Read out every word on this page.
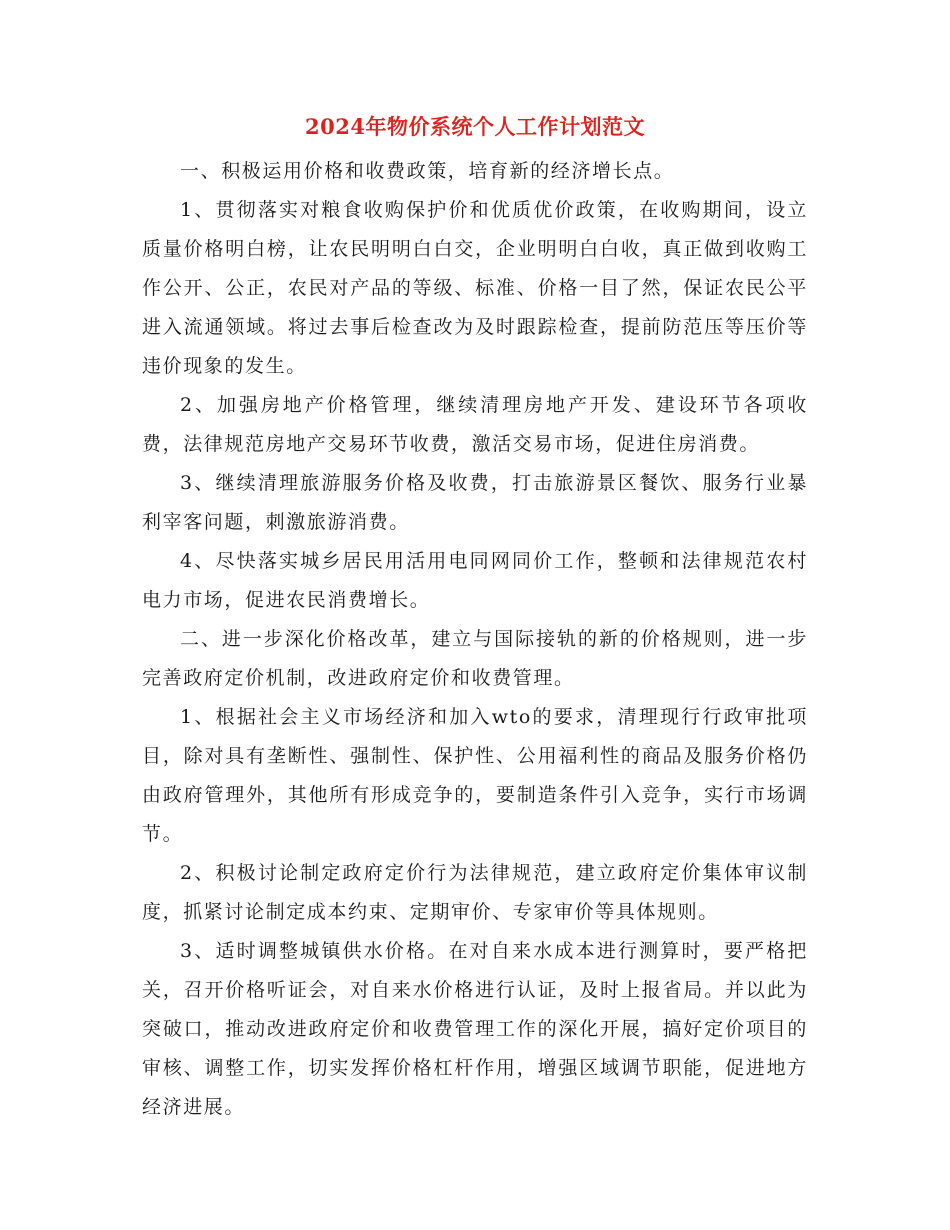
2024年物价系统个人工作计划范文

一、积极运用价格和收费政策，培育新的经济增长点。

1、贯彻落实对粮食收购保护价和优质优价政策，在收购期间，设立质量价格明白榜，让农民明明白白交，企业明明白白收，真正做到收购工作公开、公正，农民对产品的等级、标准、价格一目了然，保证农民公平进入流通领域。将过去事后检查改为及时跟踪检查，提前防范压等压价等违价现象的发生。

2、加强房地产价格管理，继续清理房地产开发、建设环节各项收费，法律规范房地产交易环节收费，激活交易市场，促进住房消费。

3、继续清理旅游服务价格及收费，打击旅游景区餐饮、服务行业暴利宰客问题，刺激旅游消费。

4、尽快落实城乡居民用活用电同网同价工作，整顿和法律规范农村电力市场，促进农民消费增长。

二、进一步深化价格改革，建立与国际接轨的新的价格规则，进一步完善政府定价机制，改进政府定价和收费管理。

1、根据社会主义市场经济和加入wto的要求，清理现行行政审批项目，除对具有垄断性、强制性、保护性、公用福利性的商品及服务价格仍由政府管理外，其他所有形成竞争的，要制造条件引入竞争，实行市场调节。

2、积极讨论制定政府定价行为法律规范，建立政府定价集体审议制度，抓紧讨论制定成本约束、定期审价、专家审价等具体规则。

3、适时调整城镇供水价格。在对自来水成本进行测算时，要严格把关，召开价格听证会，对自来水价格进行认证，及时上报省局。并以此为突破口，推动改进政府定价和收费管理工作的深化开展，搞好定价项目的审核、调整工作，切实发挥价格杠杆作用，增强区域调节职能，促进地方经济进展。
